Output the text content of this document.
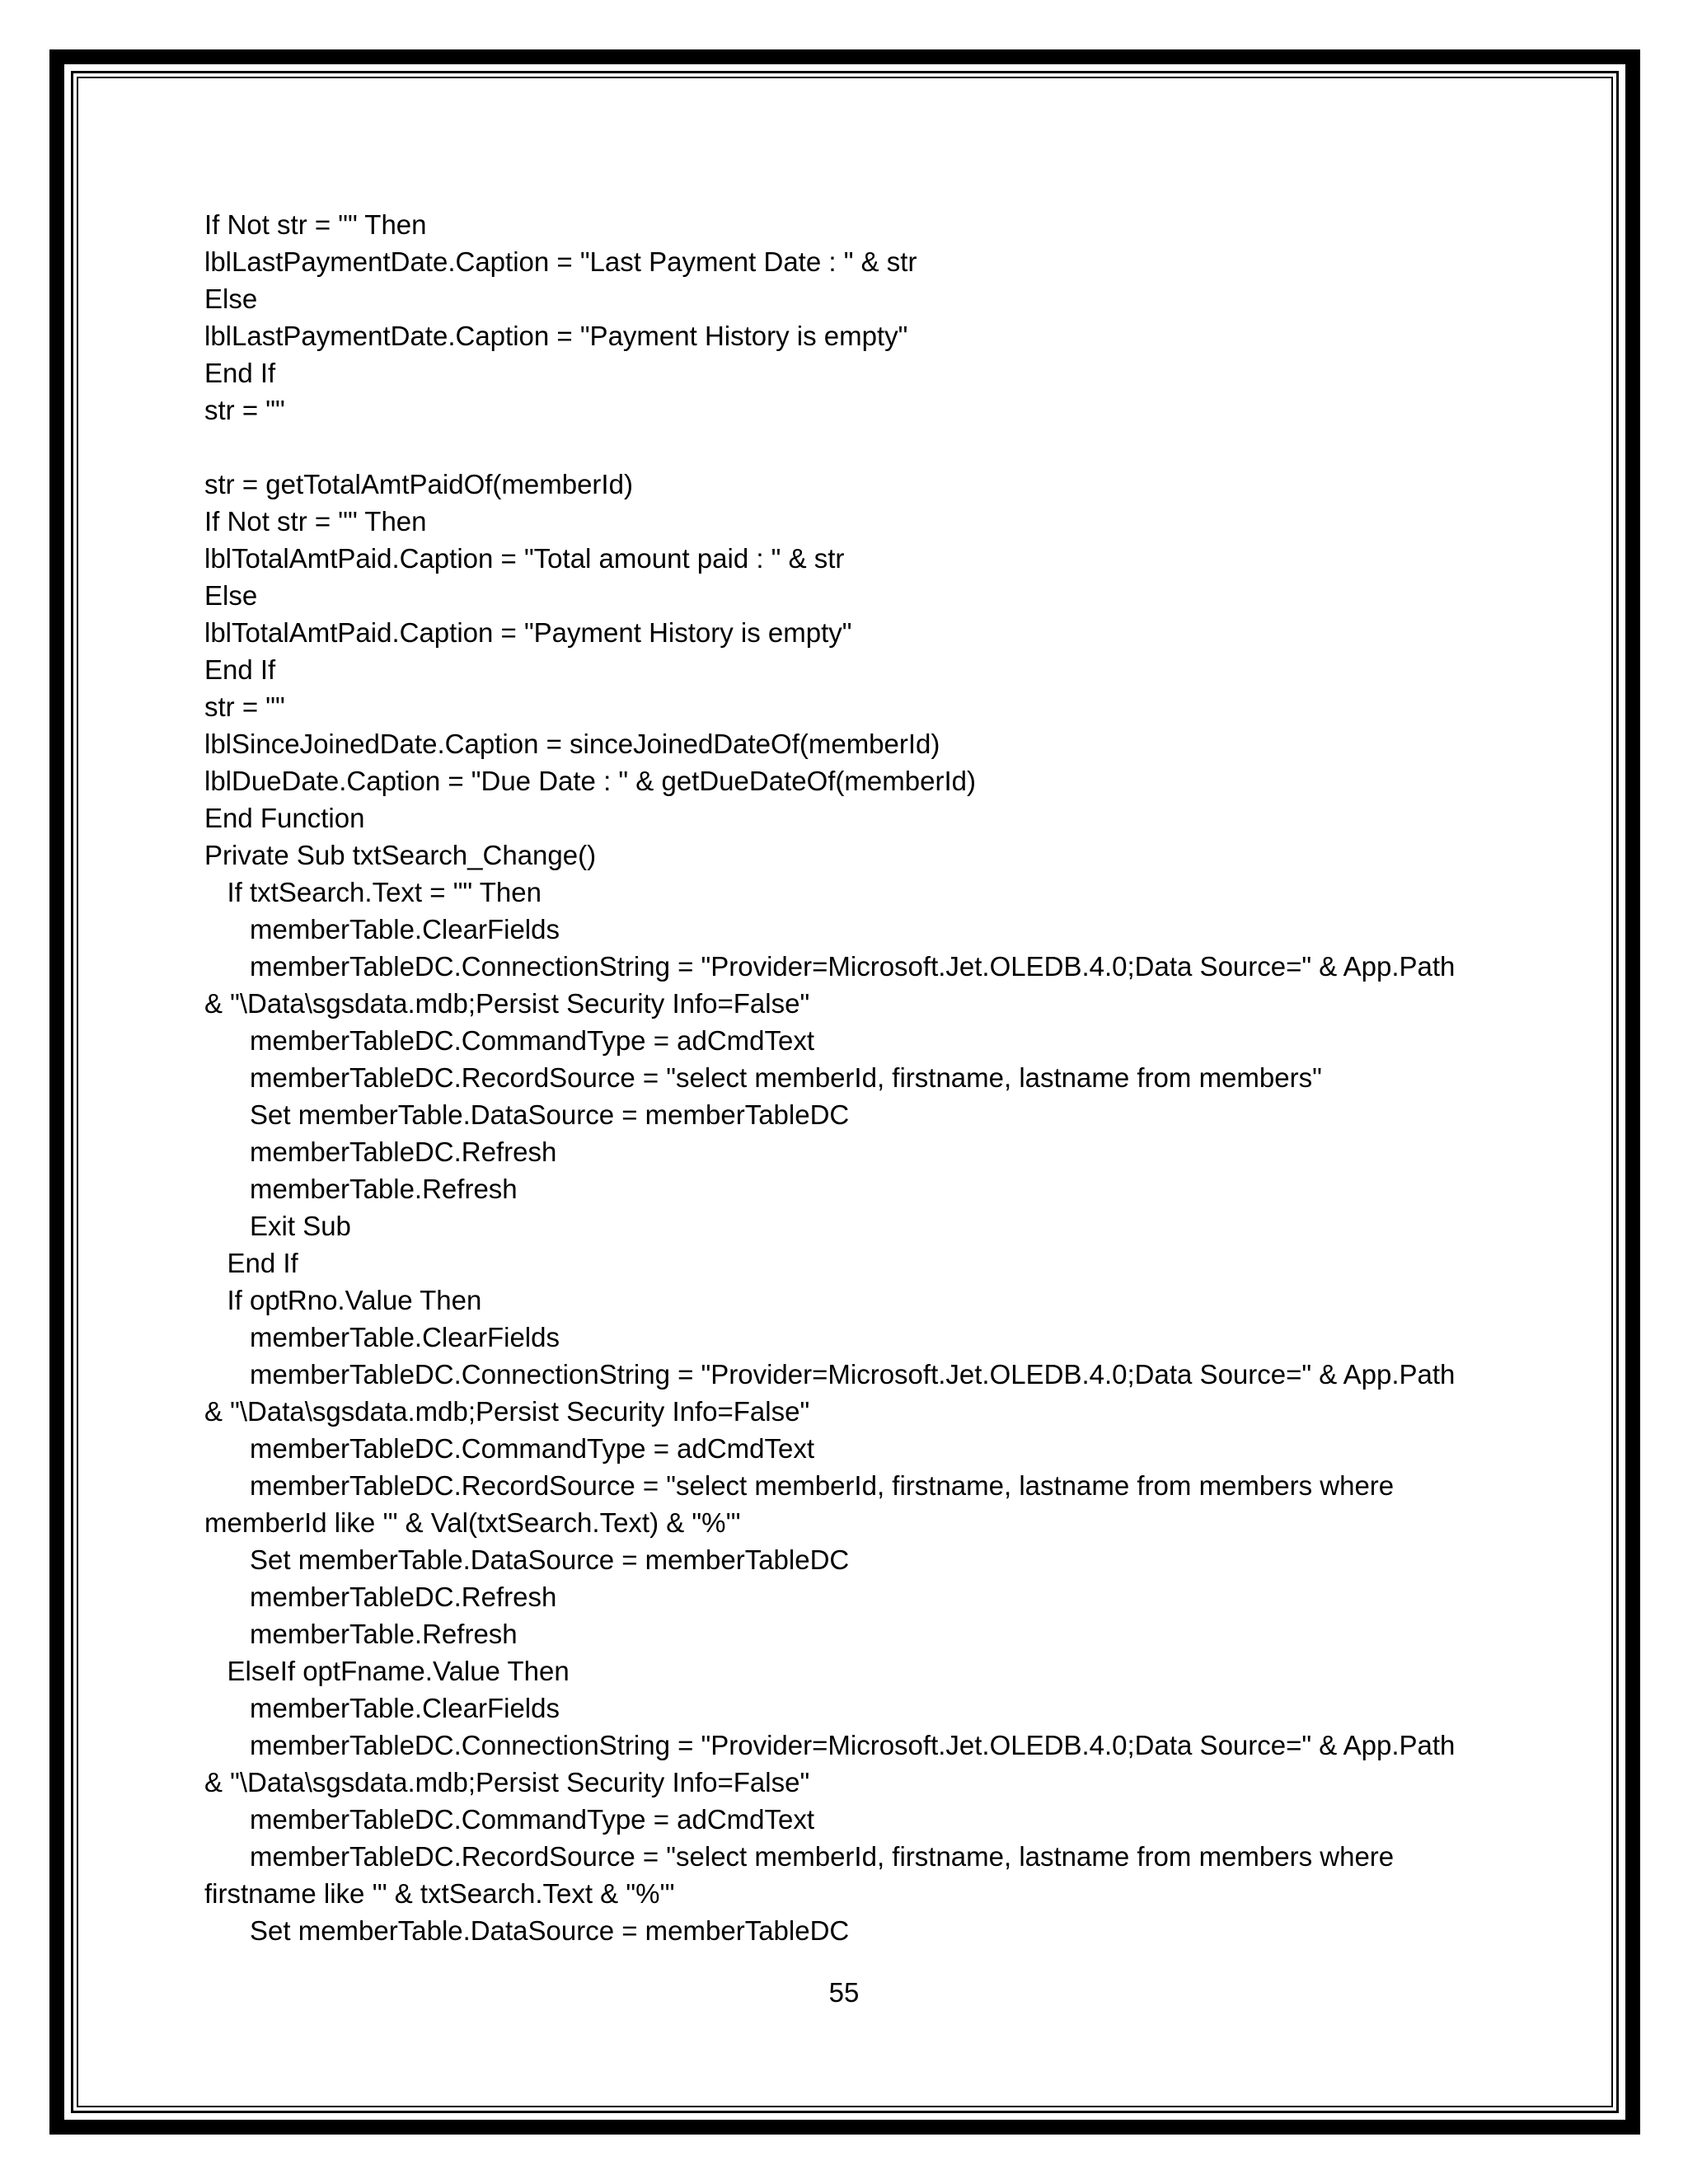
If Not str = "" Then
lblLastPaymentDate.Caption = "Last Payment Date : " & str
Else
lblLastPaymentDate.Caption = "Payment History is empty"
End If
str = ""
str = getTotalAmtPaidOf(memberId)
If Not str = "" Then
lblTotalAmtPaid.Caption = "Total amount paid : " & str
Else
lblTotalAmtPaid.Caption = "Payment History is empty"
End If
str = ""
lblSinceJoinedDate.Caption = sinceJoinedDateOf(memberId)
lblDueDate.Caption = "Due Date : " & getDueDateOf(memberId)
End Function
Private Sub txtSearch_Change()
If txtSearch.Text = "" Then
memberTable.ClearFields
memberTableDC.ConnectionString = "Provider=Microsoft.Jet.OLEDB.4.0;Data Source=" & App.Path
& "\Data\sgsdata.mdb;Persist Security Info=False"
memberTableDC.CommandType = adCmdText
memberTableDC.RecordSource = "select memberId, firstname, lastname from members"
Set memberTable.DataSource = memberTableDC
memberTableDC.Refresh
memberTable.Refresh
Exit Sub
End If
If optRno.Value Then
memberTable.ClearFields
memberTableDC.ConnectionString = "Provider=Microsoft.Jet.OLEDB.4.0;Data Source=" & App.Path
& "\Data\sgsdata.mdb;Persist Security Info=False"
memberTableDC.CommandType = adCmdText
memberTableDC.RecordSource = "select memberId, firstname, lastname from members where
memberId like '" & Val(txtSearch.Text) & "%'"
Set memberTable.DataSource = memberTableDC
memberTableDC.Refresh
memberTable.Refresh
ElseIf optFname.Value Then
memberTable.ClearFields
memberTableDC.ConnectionString = "Provider=Microsoft.Jet.OLEDB.4.0;Data Source=" & App.Path
& "\Data\sgsdata.mdb;Persist Security Info=False"
memberTableDC.CommandType = adCmdText
memberTableDC.RecordSource = "select memberId, firstname, lastname from members where
firstname like '" & txtSearch.Text & "%'"
Set memberTable.DataSource = memberTableDC
55
